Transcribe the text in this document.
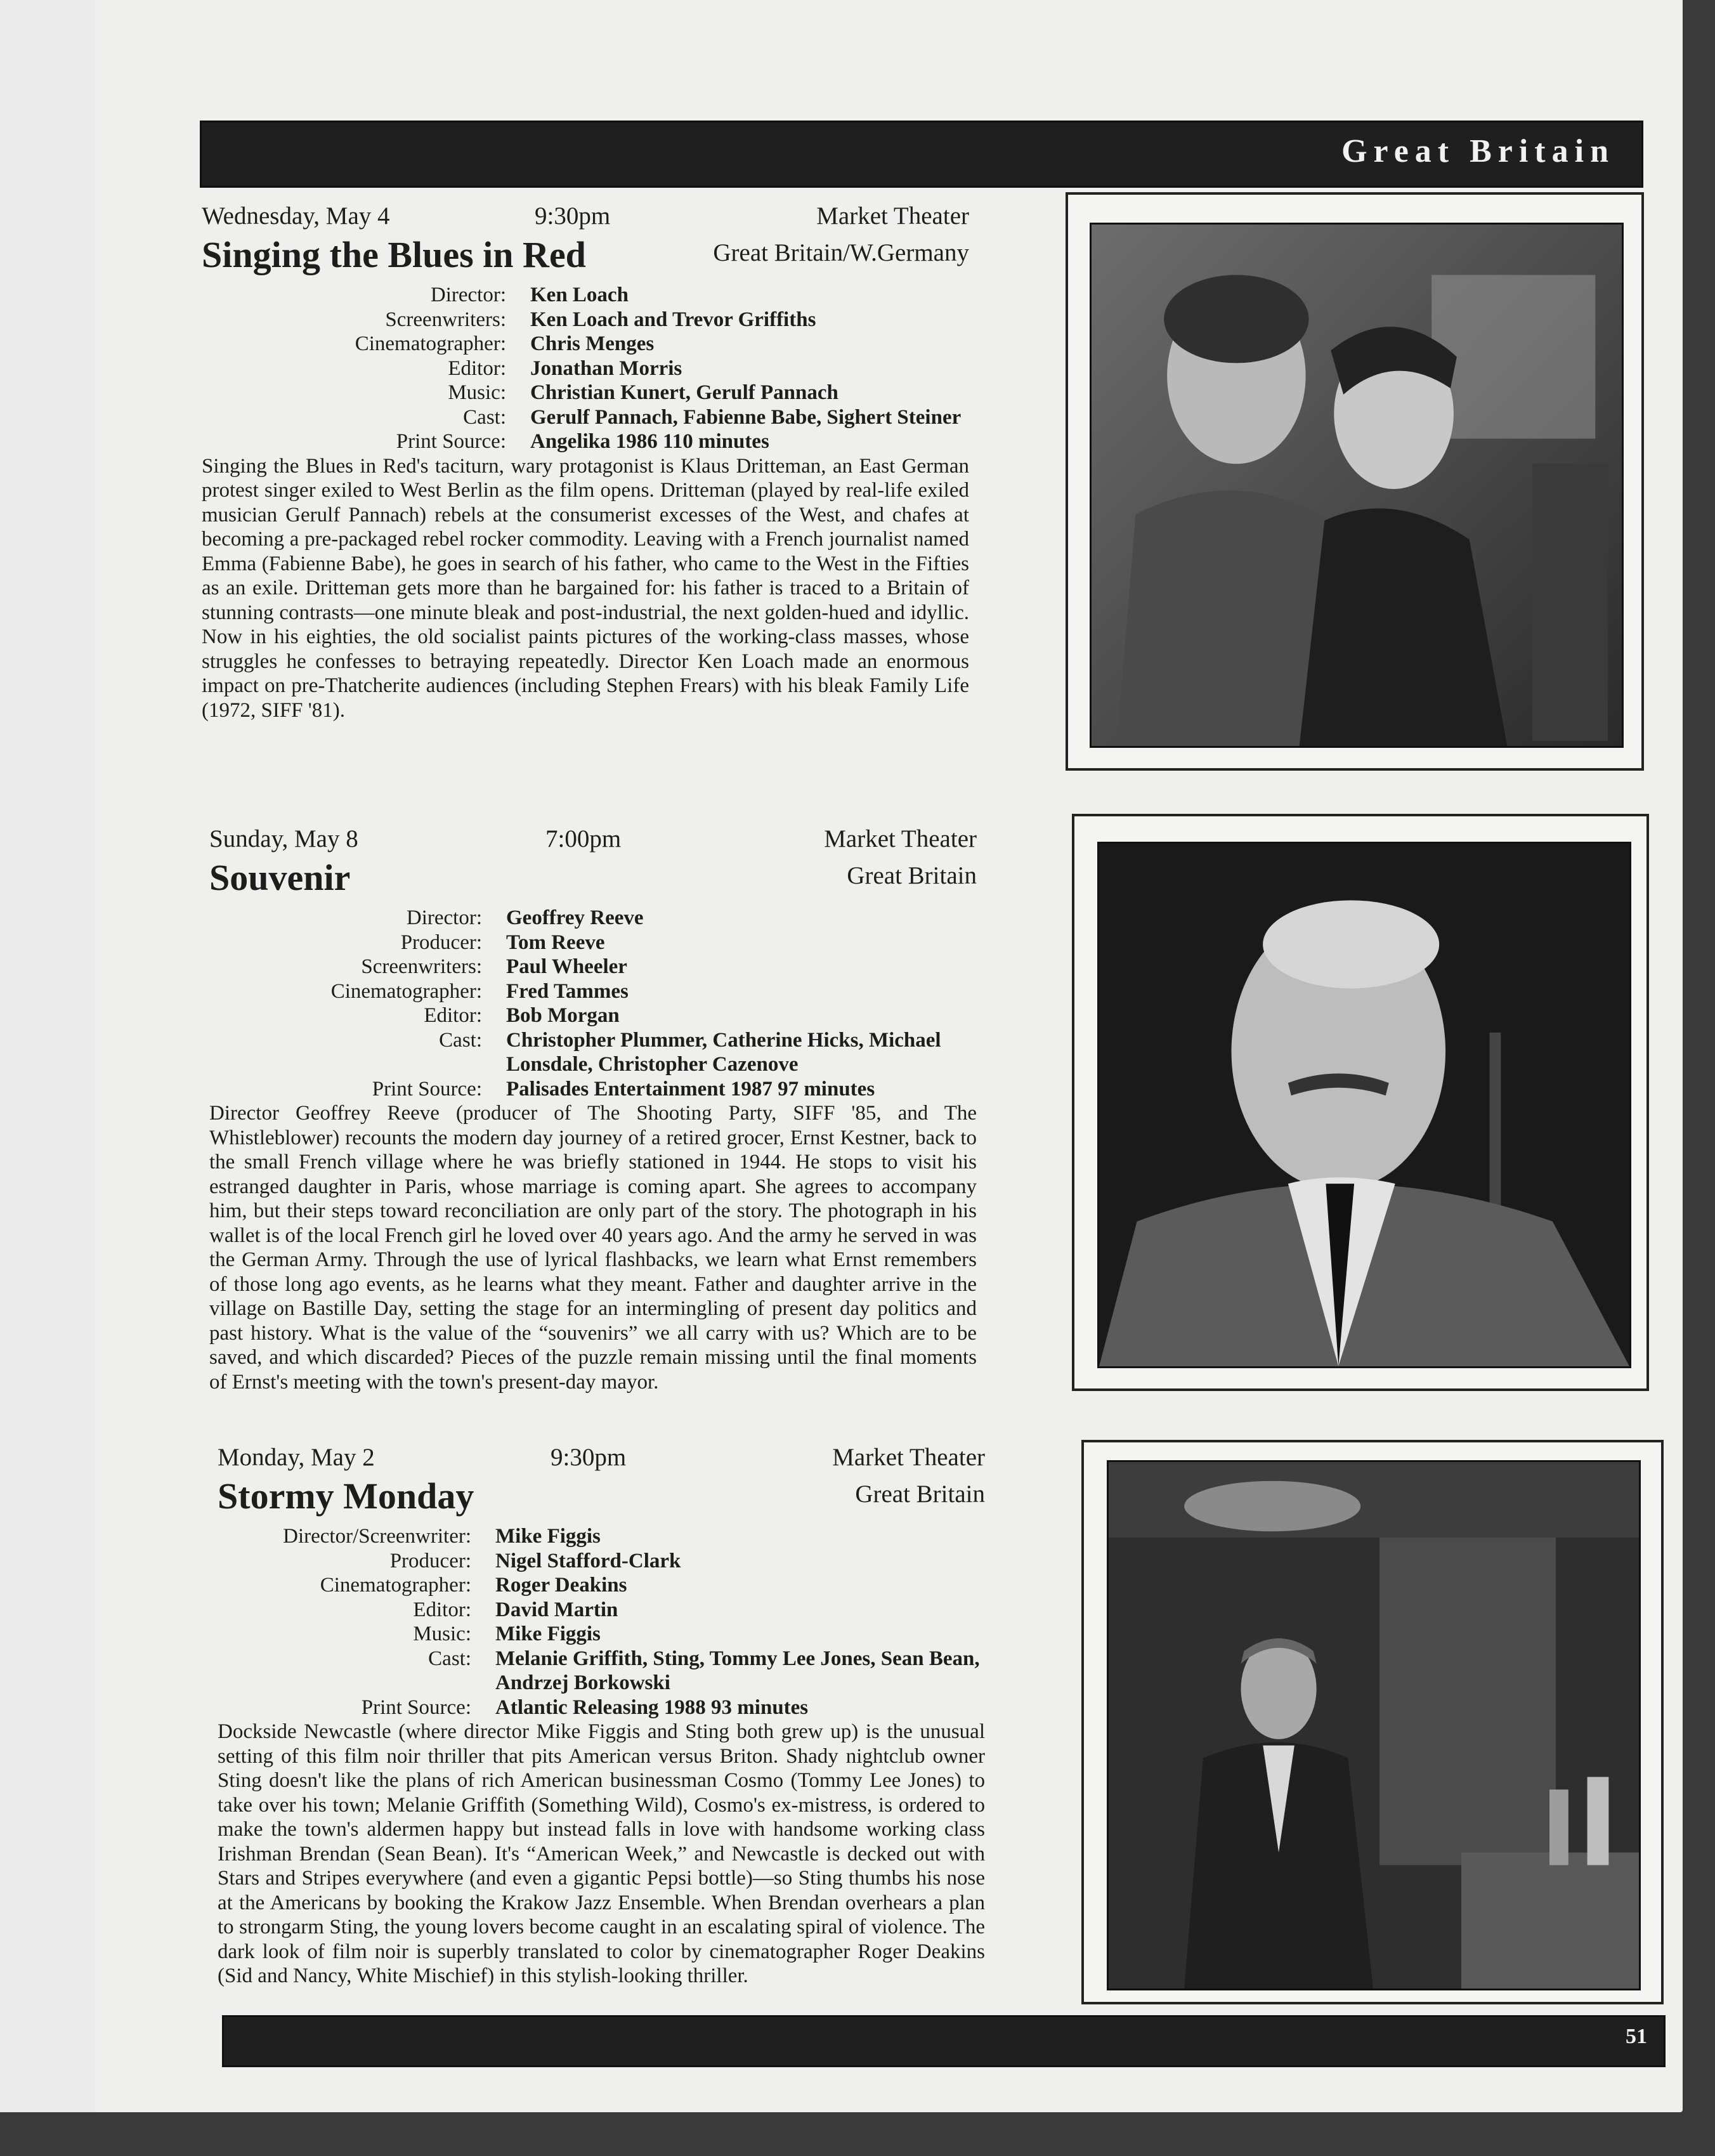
Great Britain
Wednesday, May 4	9:30pm	Market Theater
Singing the Blues in Red	Great Britain/W.Germany
Director:	Ken Loach
Screenwriters:	Ken Loach and Trevor Griffiths
Cinematographer:	Chris Menges
Editor:	Jonathan Morris
Music:	Christian Kunert, Gerulf Pannach
Cast:	Gerulf Pannach, Fabienne Babe, Sighert Steiner
Print Source:	Angelika 1986 110 minutes

Singing the Blues in Red's taciturn, wary protagonist is Klaus Dritteman, an East German protest singer exiled to West Berlin as the film opens. Dritteman (played by real-life exiled musician Gerulf Pannach) rebels at the consumerist excesses of the West, and chafes at becoming a pre-packaged rebel rocker commodity. Leaving with a French journalist named Emma (Fabienne Babe), he goes in search of his father, who came to the West in the Fifties as an exile. Dritteman gets more than he bargained for: his father is traced to a Britain of stunning contrasts—one minute bleak and post-industrial, the next golden-hued and idyllic. Now in his eighties, the old socialist paints pictures of the working-class masses, whose struggles he confesses to betraying repeatedly. Director Ken Loach made an enormous impact on pre-Thatcherite audiences (including Stephen Frears) with his bleak Family Life (1972, SIFF '81).

Sunday, May 8	7:00pm	Market Theater
Souvenir	Great Britain
Director:	Geoffrey Reeve
Producer:	Tom Reeve
Screenwriters:	Paul Wheeler
Cinematographer:	Fred Tammes
Editor:	Bob Morgan
Cast:	Christopher Plummer, Catherine Hicks, Michael Lonsdale, Christopher Cazenove
Print Source:	Palisades Entertainment 1987 97 minutes

Director Geoffrey Reeve (producer of The Shooting Party, SIFF '85, and The Whistleblower) recounts the modern day journey of a retired grocer, Ernst Kestner, back to the small French village where he was briefly stationed in 1944. He stops to visit his estranged daughter in Paris, whose marriage is coming apart. She agrees to accompany him, but their steps toward reconciliation are only part of the story. The photograph in his wallet is of the local French girl he loved over 40 years ago. And the army he served in was the German Army. Through the use of lyrical flashbacks, we learn what Ernst remembers of those long ago events, as he learns what they meant. Father and daughter arrive in the village on Bastille Day, setting the stage for an intermingling of present day politics and past history. What is the value of the “souvenirs” we all carry with us? Which are to be saved, and which discarded? Pieces of the puzzle remain missing until the final moments of Ernst's meeting with the town's present-day mayor.

Monday, May 2	9:30pm	Market Theater
Stormy Monday	Great Britain
Director/Screenwriter:	Mike Figgis
Producer:	Nigel Stafford-Clark
Cinematographer:	Roger Deakins
Editor:	David Martin
Music:	Mike Figgis
Cast:	Melanie Griffith, Sting, Tommy Lee Jones, Sean Bean, Andrzej Borkowski
Print Source:	Atlantic Releasing 1988 93 minutes

Dockside Newcastle (where director Mike Figgis and Sting both grew up) is the unusual setting of this film noir thriller that pits American versus Briton. Shady nightclub owner Sting doesn't like the plans of rich American businessman Cosmo (Tommy Lee Jones) to take over his town; Melanie Griffith (Something Wild), Cosmo's ex-mistress, is ordered to make the town's aldermen happy but instead falls in love with handsome working class Irishman Brendan (Sean Bean). It's “American Week,” and Newcastle is decked out with Stars and Stripes everywhere (and even a gigantic Pepsi bottle)—so Sting thumbs his nose at the Americans by booking the Krakow Jazz Ensemble. When Brendan overhears a plan to strongarm Sting, the young lovers become caught in an escalating spiral of violence. The dark look of film noir is superbly translated to color by cinematographer Roger Deakins (Sid and Nancy, White Mischief) in this stylish-looking thriller.

51
